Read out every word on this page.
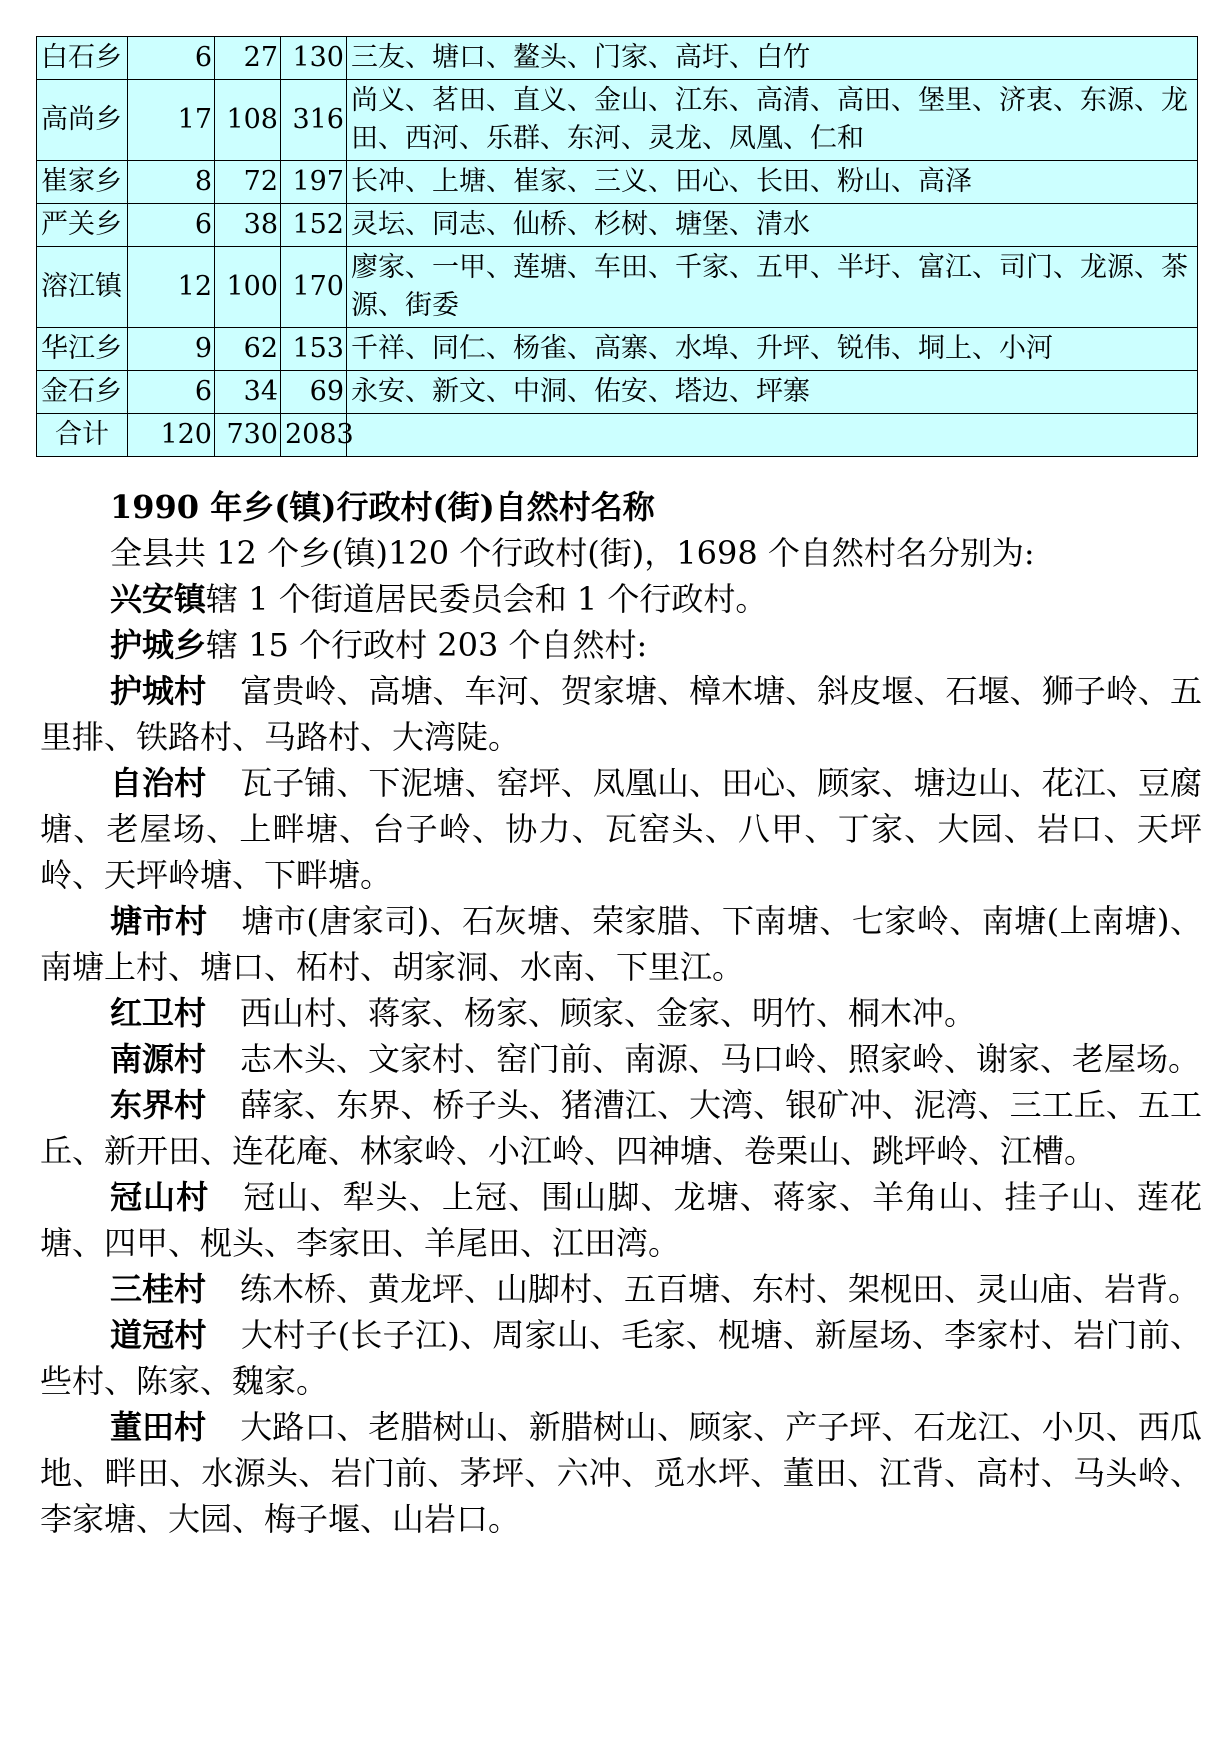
白石乡	6	27	130	三友、塘口、鳌头、门家、高圩、白竹
高尚乡	17	108	316	尚义、茗田、直义、金山、江东、高清、高田、堡里、济衷、东源、龙田、西河、乐群、东河、灵龙、凤凰、仁和
崔家乡	8	72	197	长冲、上塘、崔家、三义、田心、长田、粉山、高泽
严关乡	6	38	152	灵坛、同志、仙桥、杉树、塘堡、清水
溶江镇	12	100	170	廖家、一甲、莲塘、车田、千家、五甲、半圩、富江、司门、龙源、茶源、街委
华江乡	9	62	153	千祥、同仁、杨雀、高寨、水埠、升坪、锐伟、垌上、小河
金石乡	6	34	69	永安、新文、中洞、佑安、塔边、坪寨
合计	120	730	2083	

1990 年乡(镇)行政村(街)自然村名称

全县共 12 个乡(镇)120 个行政村(街)，1698 个自然村名分别为:

兴安镇辖 1 个街道居民委员会和 1 个行政村。

护城乡辖 15 个行政村 203 个自然村:

护城村 富贵岭、高塘、车河、贺家塘、樟木塘、斜皮堰、石堰、狮子岭、五里排、铁路村、马路村、大湾陡。

自治村 瓦子铺、下泥塘、窑坪、凤凰山、田心、顾家、塘边山、花江、豆腐塘、老屋场、上畔塘、台子岭、协力、瓦窑头、八甲、丁家、大园、岩口、天坪岭、天坪岭塘、下畔塘。

塘市村 塘市(唐家司)、石灰塘、荣家腊、下南塘、七家岭、南塘(上南塘)、南塘上村、塘口、柘村、胡家洞、水南、下里江。

红卫村 西山村、蒋家、杨家、顾家、金家、明竹、桐木冲。

南源村 志木头、文家村、窑门前、南源、马口岭、照家岭、谢家、老屋场。

东界村 薛家、东界、桥子头、猪漕江、大湾、银矿冲、泥湾、三工丘、五工丘、新开田、连花庵、林家岭、小江岭、四神塘、卷栗山、跳坪岭、江槽。

冠山村 冠山、犁头、上冠、围山脚、龙塘、蒋家、羊角山、挂子山、莲花塘、四甲、枧头、李家田、羊尾田、江田湾。

三桂村 练木桥、黄龙坪、山脚村、五百塘、东村、架枧田、灵山庙、岩背。

道冠村 大村子(长子江)、周家山、毛家、枧塘、新屋场、李家村、岩门前、些村、陈家、魏家。

董田村 大路口、老腊树山、新腊树山、顾家、产子坪、石龙江、小贝、西瓜地、畔田、水源头、岩门前、茅坪、六冲、觅水坪、董田、江背、高村、马头岭、李家塘、大园、梅子堰、山岩口。
